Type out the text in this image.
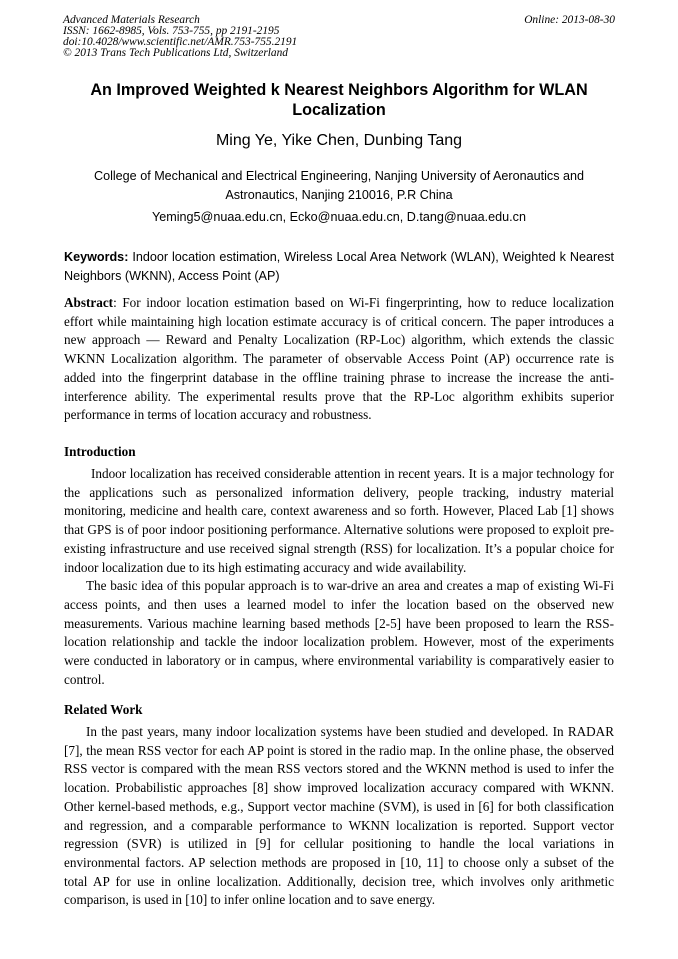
Advanced Materials Research
ISSN: 1662-8985, Vols. 753-755, pp 2191-2195
doi:10.4028/www.scientific.net/AMR.753-755.2191
© 2013 Trans Tech Publications Ltd, Switzerland
Online: 2013-08-30
An Improved Weighted k Nearest Neighbors Algorithm for WLAN Localization
Ming Ye, Yike Chen, Dunbing Tang
College of Mechanical and Electrical Engineering, Nanjing University of Aeronautics and Astronautics, Nanjing 210016, P.R China
Yeming5@nuaa.edu.cn, Ecko@nuaa.edu.cn, D.tang@nuaa.edu.cn
Keywords: Indoor location estimation, Wireless Local Area Network (WLAN), Weighted k Nearest Neighbors (WKNN), Access Point (AP)
Abstract: For indoor location estimation based on Wi-Fi fingerprinting, how to reduce localization effort while maintaining high location estimate accuracy is of critical concern. The paper introduces a new approach — Reward and Penalty Localization (RP-Loc) algorithm, which extends the classic WKNN Localization algorithm. The parameter of observable Access Point (AP) occurrence rate is added into the fingerprint database in the offline training phrase to increase the increase the anti-interference ability. The experimental results prove that the RP-Loc algorithm exhibits superior performance in terms of location accuracy and robustness.
Introduction

Indoor localization has received considerable attention in recent years. It is a major technology for the applications such as personalized information delivery, people tracking, industry material monitoring, medicine and health care, context awareness and so forth. However, Placed Lab [1] shows that GPS is of poor indoor positioning performance. Alternative solutions were proposed to exploit pre-existing infrastructure and use received signal strength (RSS) for localization. It’s a popular choice for indoor localization due to its high estimating accuracy and wide availability.

The basic idea of this popular approach is to war-drive an area and creates a map of existing Wi-Fi access points, and then uses a learned model to infer the location based on the observed new measurements. Various machine learning based methods [2-5] have been proposed to learn the RSS-location relationship and tackle the indoor localization problem. However, most of the experiments were conducted in laboratory or in campus, where environmental variability is comparatively easier to control.

Related Work

In the past years, many indoor localization systems have been studied and developed. In RADAR [7], the mean RSS vector for each AP point is stored in the radio map. In the online phase, the observed RSS vector is compared with the mean RSS vectors stored and the WKNN method is used to infer the location. Probabilistic approaches [8] show improved localization accuracy compared with WKNN. Other kernel-based methods, e.g., Support vector machine (SVM), is used in [6] for both classification and regression, and a comparable performance to WKNN localization is reported. Support vector regression (SVR) is utilized in [9] for cellular positioning to handle the local variations in environmental factors. AP selection methods are proposed in [10, 11] to choose only a subset of the total AP for use in online localization. Additionally, decision tree, which involves only arithmetic comparison, is used in [10] to infer online location and to save energy.
